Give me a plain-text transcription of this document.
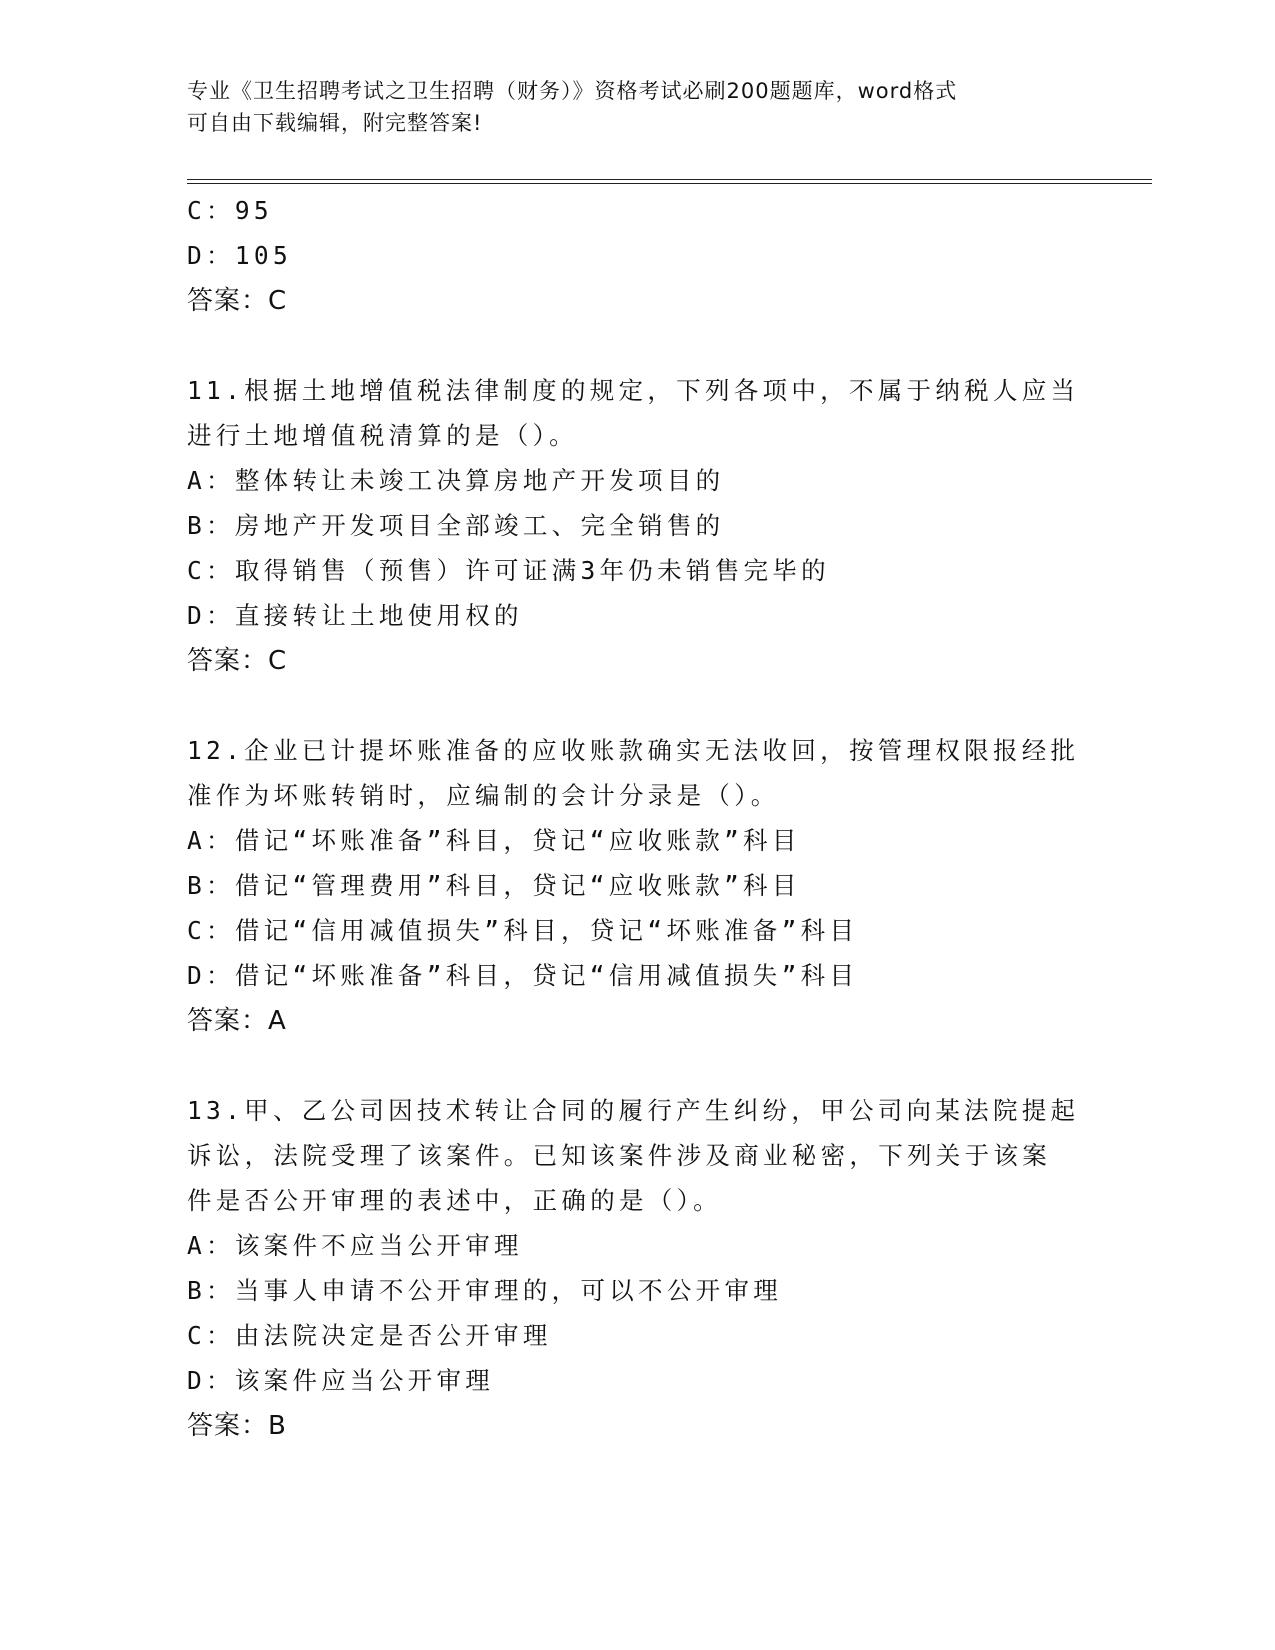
专业《卫生招聘考试之卫生招聘（财务）》资格考试必刷200题题库，word格式
可自由下载编辑，附完整答案!
C：95
D：105
答案：C
11.根据土地增值税法律制度的规定，下列各项中，不属于纳税人应当
进行土地增值税清算的是（）。
A：整体转让未竣工决算房地产开发项目的
B：房地产开发项目全部竣工、完全销售的
C：取得销售（预售）许可证满3年仍未销售完毕的
D：直接转让土地使用权的
答案：C
12.企业已计提坏账准备的应收账款确实无法收回，按管理权限报经批
准作为坏账转销时，应编制的会计分录是（）。
A：借记“坏账准备”科目，贷记“应收账款”科目
B：借记“管理费用”科目，贷记“应收账款”科目
C：借记“信用减值损失”科目，贷记“坏账准备”科目
D：借记“坏账准备”科目，贷记“信用减值损失”科目
答案：A
13.甲、乙公司因技术转让合同的履行产生纠纷，甲公司向某法院提起
诉讼，法院受理了该案件。已知该案件涉及商业秘密，下列关于该案
件是否公开审理的表述中，正确的是（）。
A：该案件不应当公开审理
B：当事人申请不公开审理的，可以不公开审理
C：由法院决定是否公开审理
D：该案件应当公开审理
答案：B
